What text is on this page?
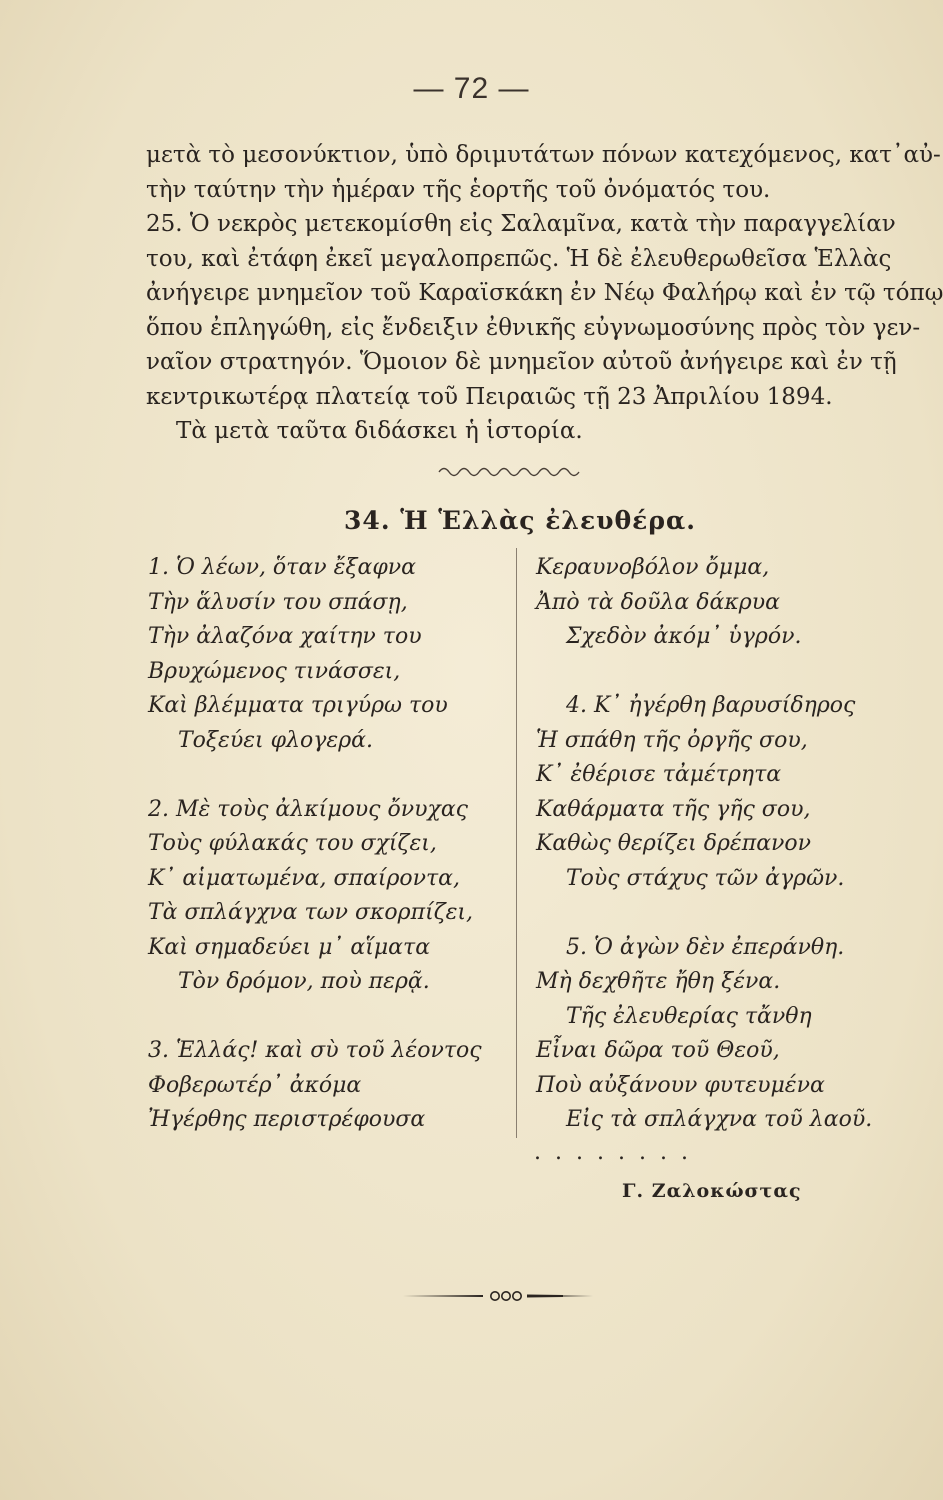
— 72 —
μετὰ τὸ μεσονύκτιον, ὑπὸ δριμυτάτων πόνων κατεχόμενος, κατ᾽αὐ-
τὴν ταύτην τὴν ἡμέραν τῆς ἑορτῆς τοῦ ὀνόματός του.
25. Ὁ νεκρὸς μετεκομίσθη εἰς Σαλαμῖνα, κατὰ τὴν παραγγελίαν
του, καὶ ἐτάφη ἐκεῖ μεγαλοπρεπῶς. Ἡ δὲ ἐλευθερωθεῖσα Ἑλλὰς
ἀνήγειρε μνημεῖον τοῦ Καραϊσκάκη ἐν Νέῳ Φαλήρῳ καὶ ἐν τῷ τόπῳ
ὅπου ἐπληγώθη, εἰς ἔνδειξιν ἐθνικῆς εὐγνωμοσύνης πρὸς τὸν γεν-
ναῖον στρατηγόν. Ὅμοιον δὲ μνημεῖον αὐτοῦ ἀνήγειρε καὶ ἐν τῇ
κεντρικωτέρᾳ πλατείᾳ τοῦ Πειραιῶς τῇ 23 Ἀπριλίου 1894.
Τὰ μετὰ ταῦτα διδάσκει ἡ ἱστορία.
34. Ἡ Ἑλλὰς ἐλευθέρα.
1. Ὁ λέων, ὅταν ἔξαφνα
Τὴν ἅλυσίν του σπάσῃ,
Τὴν ἀλαζόνα χαίτην του
Βρυχώμενος τινάσσει,
Καὶ βλέμματα τριγύρω του
Τοξεύει φλογερά.
2. Μὲ τοὺς ἀλκίμους ὄνυχας
Τοὺς φύλακάς του σχίζει,
Κ᾽ αἱματωμένα, σπαίροντα,
Τὰ σπλάγχνα των σκορπίζει,
Καὶ σημαδεύει μ᾽ αἵματα
Τὸν δρόμον, ποὺ περᾷ.
3. Ἑλλάς! καὶ σὺ τοῦ λέοντος
Φοβερωτέρ᾽ ἀκόμα
Ἠγέρθης περιστρέφουσα
Κεραυνοβόλον ὄμμα,
Ἀπὸ τὰ δοῦλα δάκρυα
Σχεδὸν ἀκόμ᾽ ὑγρόν.
4. Κ᾽ ἠγέρθη βαρυσίδηρος
Ἡ σπάθη τῆς ὀργῆς σου,
Κ᾽ ἐθέρισε τἀμέτρητα
Καθάρματα τῆς γῆς σου,
Καθὼς θερίζει δρέπανον
Τοὺς στάχυς τῶν ἀγρῶν.
5. Ὁ ἀγὼν δὲν ἐπεράνθη.
Μὴ δεχθῆτε ἤθη ξένα.
Τῆς ἐλευθερίας τἄνθη
Εἶναι δῶρα τοῦ Θεοῦ,
Ποὺ αὐξάνουν φυτευμένα
Εἰς τὰ σπλάγχνα τοῦ λαοῦ.
........
Γ. Ζαλοκώστας
